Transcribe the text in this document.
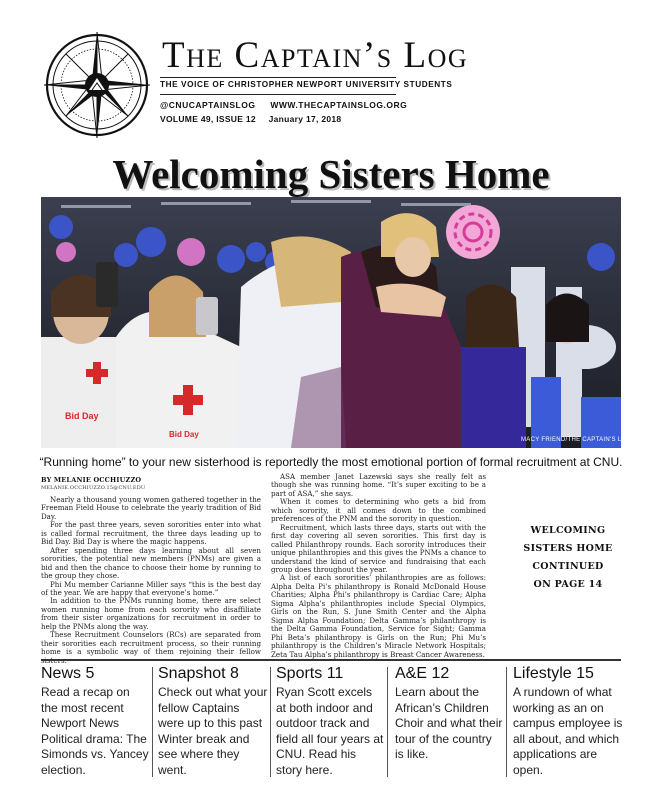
The Captain’s Log
THE VOICE OF CHRISTOPHER NEWPORT UNIVERSITY STUDENTS
@CNUCAPTAINSLOG WWW.THECAPTAINSLOG.ORG
VOLUME 49, ISSUE 12 January 17, 2018
Welcoming Sisters Home
Bid Day
Bid Day
MACY FRIEND/THE CAPTAIN'S LOG
“Running home” to your new sisterhood is reportedly the most emotional portion of formal recruitment at CNU.
BY MELANIE OCCHIUZZO
MELANIE.OCCHIUZZO.15@CNU.EDU

Nearly a thousand young women gathered together in the Freeman Field House to celebrate the yearly tradition of Bid Day.

For the past three years, seven sororities enter into what is called formal recruitment, the three days leading up to Bid Day. Bid Day is where the magic happens.

After spending three days learning about all seven sororities, the potential new members (PNMs) are given a bid and then the chance to choose their home by running to the group they chose.

Phi Mu member Carianne Miller says “this is the best day of the year. We are happy that everyone’s home.”

In addition to the PNMs running home, there are select women running home from each sorority who disaffiliate from their sister organizations for recruitment in order to help the PNMs along the way.

These Recruitment Counselors (RCs) are separated from their sororities each recruitment process, so their running home is a symbolic way of them rejoining their fellow

ASA member Janet Lazewski says she really felt as though she was running home. “It’s super exciting to be a part of ASA,” she says.

When it comes to determining who gets a bid from which sorority, it all comes down to the combined preferences of the PNM and the sorority in question.

Recruitment, which lasts three days, starts out with the first day covering all seven sororities. This first day is called Philanthropy rounds. Each sorority introduces their unique philanthropies and this gives the PNMs a chance to understand the kind of service and fundraising that each group does throughout the year.

A list of each sororities’ philanthropies are as follows: Alpha Delta Pi’s philanthropy is Ronald McDonald House Charities; Alpha Phi’s philanthropy is Cardiac Care; Alpha Sigma Alpha’s philanthropies include Special Olympics, Girls on the Run, S. June Smith Center and the Alpha Sigma Alpha Foundation; Delta Gamma’s philanthropy is the Delta Gamma Foundation, Service for Sight; Gamma Phi Beta’s philanthropy is Girls on the Run; Phi Mu’s philanthropy is the Children’s Miracle Network Hospitals; Zeta Tau Alpha’s philanthropy is Breast Cancer Awareness.

WELCOMING
SISTERS HOME
CONTINUED
ON PAGE 14
News 5

Read a recap on the most recent Newport News Political drama: The Simonds vs. Yancey election.

Snapshot 8

Check out what your fellow Captains were up to this past Winter break and see where they went.

Sports 11

Ryan Scott excels at both indoor and outdoor track and field all four years at CNU. Read his story here.

A&E 12

Learn about the African’s Children Choir and what their tour of the country is like.

Lifestyle 15

A rundown of what working as an on campus employee is all about, and which applications are open.
